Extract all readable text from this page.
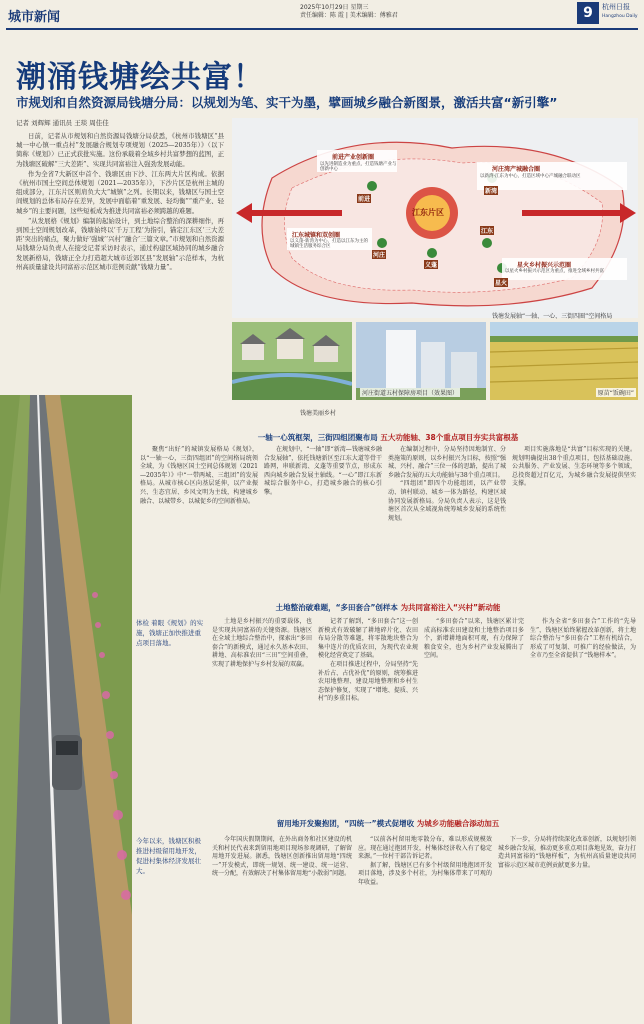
城市新闻
2025年10月29日 星期三
责任编辑：陈 霞 | 美术编辑：傅雅君	9	杭州日报
Hangzhou Daily
潮涌钱塘绘共富！
市规划和自然资源局钱塘分局：以规划为笔、实干为墨，擘画城乡融合新图景，激活共富“新引擎”
记者 刘辉辉 通讯员 王琰 周佳佳

日前，记者从市规划和自然资源局钱塘分局获悉，《杭州市钱塘区“县城一中心镇一重点村”发展融合规划专项规划（2025—2035年）》（以下简称《规划》）已正式获批实施。这份承载着全域乡村共富梦想的蓝图，正为钱塘区破解“三大差距”、实现共同富裕注入强劲发展动能。

作为全省7大新区中首个、钱塘区由下沙、江东两大片区构成。依据《杭州市国土空间总体规划（2021—2035年）》，下沙片区是杭州主城的组成部分，江东片区则肩负大大“城镇”之列。长期以来，钱塘区与国土空间规划的总体布局存在差异，发展中面临着“重发展、轻均衡”“重产业、轻城乡”的主要问题，这些短板成为推进共同富裕必须跨越的难题。

“从发展格《规划》编制的起始设计，到土地综合整治的深耕细作，再到国土空间规划改革，钱塘始终以‘千万工程’为指引，锚定江东区‘三大差距’突出的痛点，聚力做好‘强城’‘兴村’‘融合’三篇文章。”市规划和自然资源局钱塘分局负责人在接受记者采访时表示，通过构建区域协同的城乡融合发展新格局，钱塘正全力打造超大城市近郊区县“发展轴”示范样本，为杭州高质量建设共同富裕示范区城市范例贡献“钱塘力量”。

江东片区
前进产业创新圈
以先进制造业为重点，打造钱塘产业与创新中心	河庄湾产城融合圈
以新湾-江东为中心，打造区域中心产城融合联动区
江东城镇和双创圈
以义蓬-新湾为中心，打造以江东为主的城镇生活服务综合区
星火乡村振兴示范圈
以星火乡村振兴示范区为重点，推进全域乡村共富
前进
新湾
河庄
义蓬
江东
星火
钱塘发展轴“一轴、一心、三街四圈”空间格局
河庄街道五村保障房项目（效果图）	原苗“饭碗田”
钱塘美丽乡村
一轴一心筑框架，三街四组团聚布局 五大功能轴、38个重点项目夯实共富根基

聚焦“出好”的城镇发展格局《规划》，以“一轴一心，三街四组团”的空间格局统领全域，为《钱塘区国土空间总体规划（2021—2035年）》中“一带两城、三组团”的发展格局。从城市核心区向基层延伸，以产业振兴、生态宜居、乡风文明为主线，构建城乡融合、以城带乡、以城促乡的空间新格局。

在规划中，“一轴”即“新湾—钱塘城乡融合发展轴”，依托钱塘新区至江东大道等骨干路网，串联新湾、义蓬等重要节点，形成东西向城乡融合发展主轴线。“一心”即江东新城综合服务中心，打造城乡融合的核心引擎。

在编制过程中，分局坚持因地制宜、分类施策的原则，以乡村振兴为目标，按照“强城、兴村、融合”三位一体的思路，提出了城乡融合发展的五大功能轴与38个重点项目。

“四组团”即四个功能组团，以产业带动、镇村联动、城乡一体为路径，构建区域协同发展新格局。分局负责人表示，这是钱塘区首次从全域视角统筹城乡发展的系统性规划。

项目实施落地是“共富”目标实现的关键。规划明确提出38个重点项目，包括基础设施、公共服务、产业发展、生态环境等多个领域，总投资超过百亿元，为城乡融合发展提供坚实支撑。

土地整治破难题，“多田套合”创样本 为共同富裕注入“兴村”新动能
体检 着眼《规划》的实施，钱塘正加快推进重点项目落地。

土地是乡村振兴的重要载体，也是实现共同富裕的关键资源。钱塘区在全域土地综合整治中，探索出“多田套合”的新模式，通过永久基本农田、耕地、高标准农田“三田”空间重叠，实现了耕地保护与乡村发展的双赢。

记者了解到，“多田套合”这一创新模式有效破解了耕地碎片化、农田布局分散等难题，将零散地块整合为集中连片的优质农田，为现代农业规模化经营奠定了基础。

在项目推进过程中，分局坚持“先补后占、占优补优”的原则，统筹推进农用地整理、建设用地整理和乡村生态保护修复，实现了“增地、提质、兴村”的多重目标。

“多田套合”以来，钱塘区累计完成高标准农田建设和土地整治项目多个，新增耕地面积可观，有力保障了粮食安全，也为乡村产业发展腾出了空间。

作为全省“多田套合”工作的“先导生”，钱塘区始终紧握改革创新，将土地综合整治与“多田套合”工程有机结合，形成了可复制、可推广的经验做法，为全市乃至全省提供了“钱塘样本”。

留用地开发聚抱团，“四统一”模式促增收 为城乡功能融合添动加五
今年以来，钱塘区积极推进村级留用地开发，促进村集体经济发展壮大。

今年国庆假期期间，在外出商务和社区建设的机关和村民代表来到留用地项目现场参观调研，了解留用地开发进展。据悉，钱塘区创新推出留用地“四统一”开发模式，即统一规划、统一建设、统一运营、统一分配，有效解决了村集体留用地“小散弱”问题。

“以前各村留用地零散分布，难以形成规模效应。现在通过抱团开发，村集体经济收入有了稳定来源。”一位村干部告诉记者。

据了解，钱塘区已有多个村级留用地抱团开发项目落地，涉及多个村社，为村集体带来了可观的年收益。

下一步，分局将持续深化改革创新，以规划引领城乡融合发展，推动更多重点项目落地见效，奋力打造共同富裕的“钱塘样板”，为杭州高质量建设共同富裕示范区城市范例贡献更多力量。
